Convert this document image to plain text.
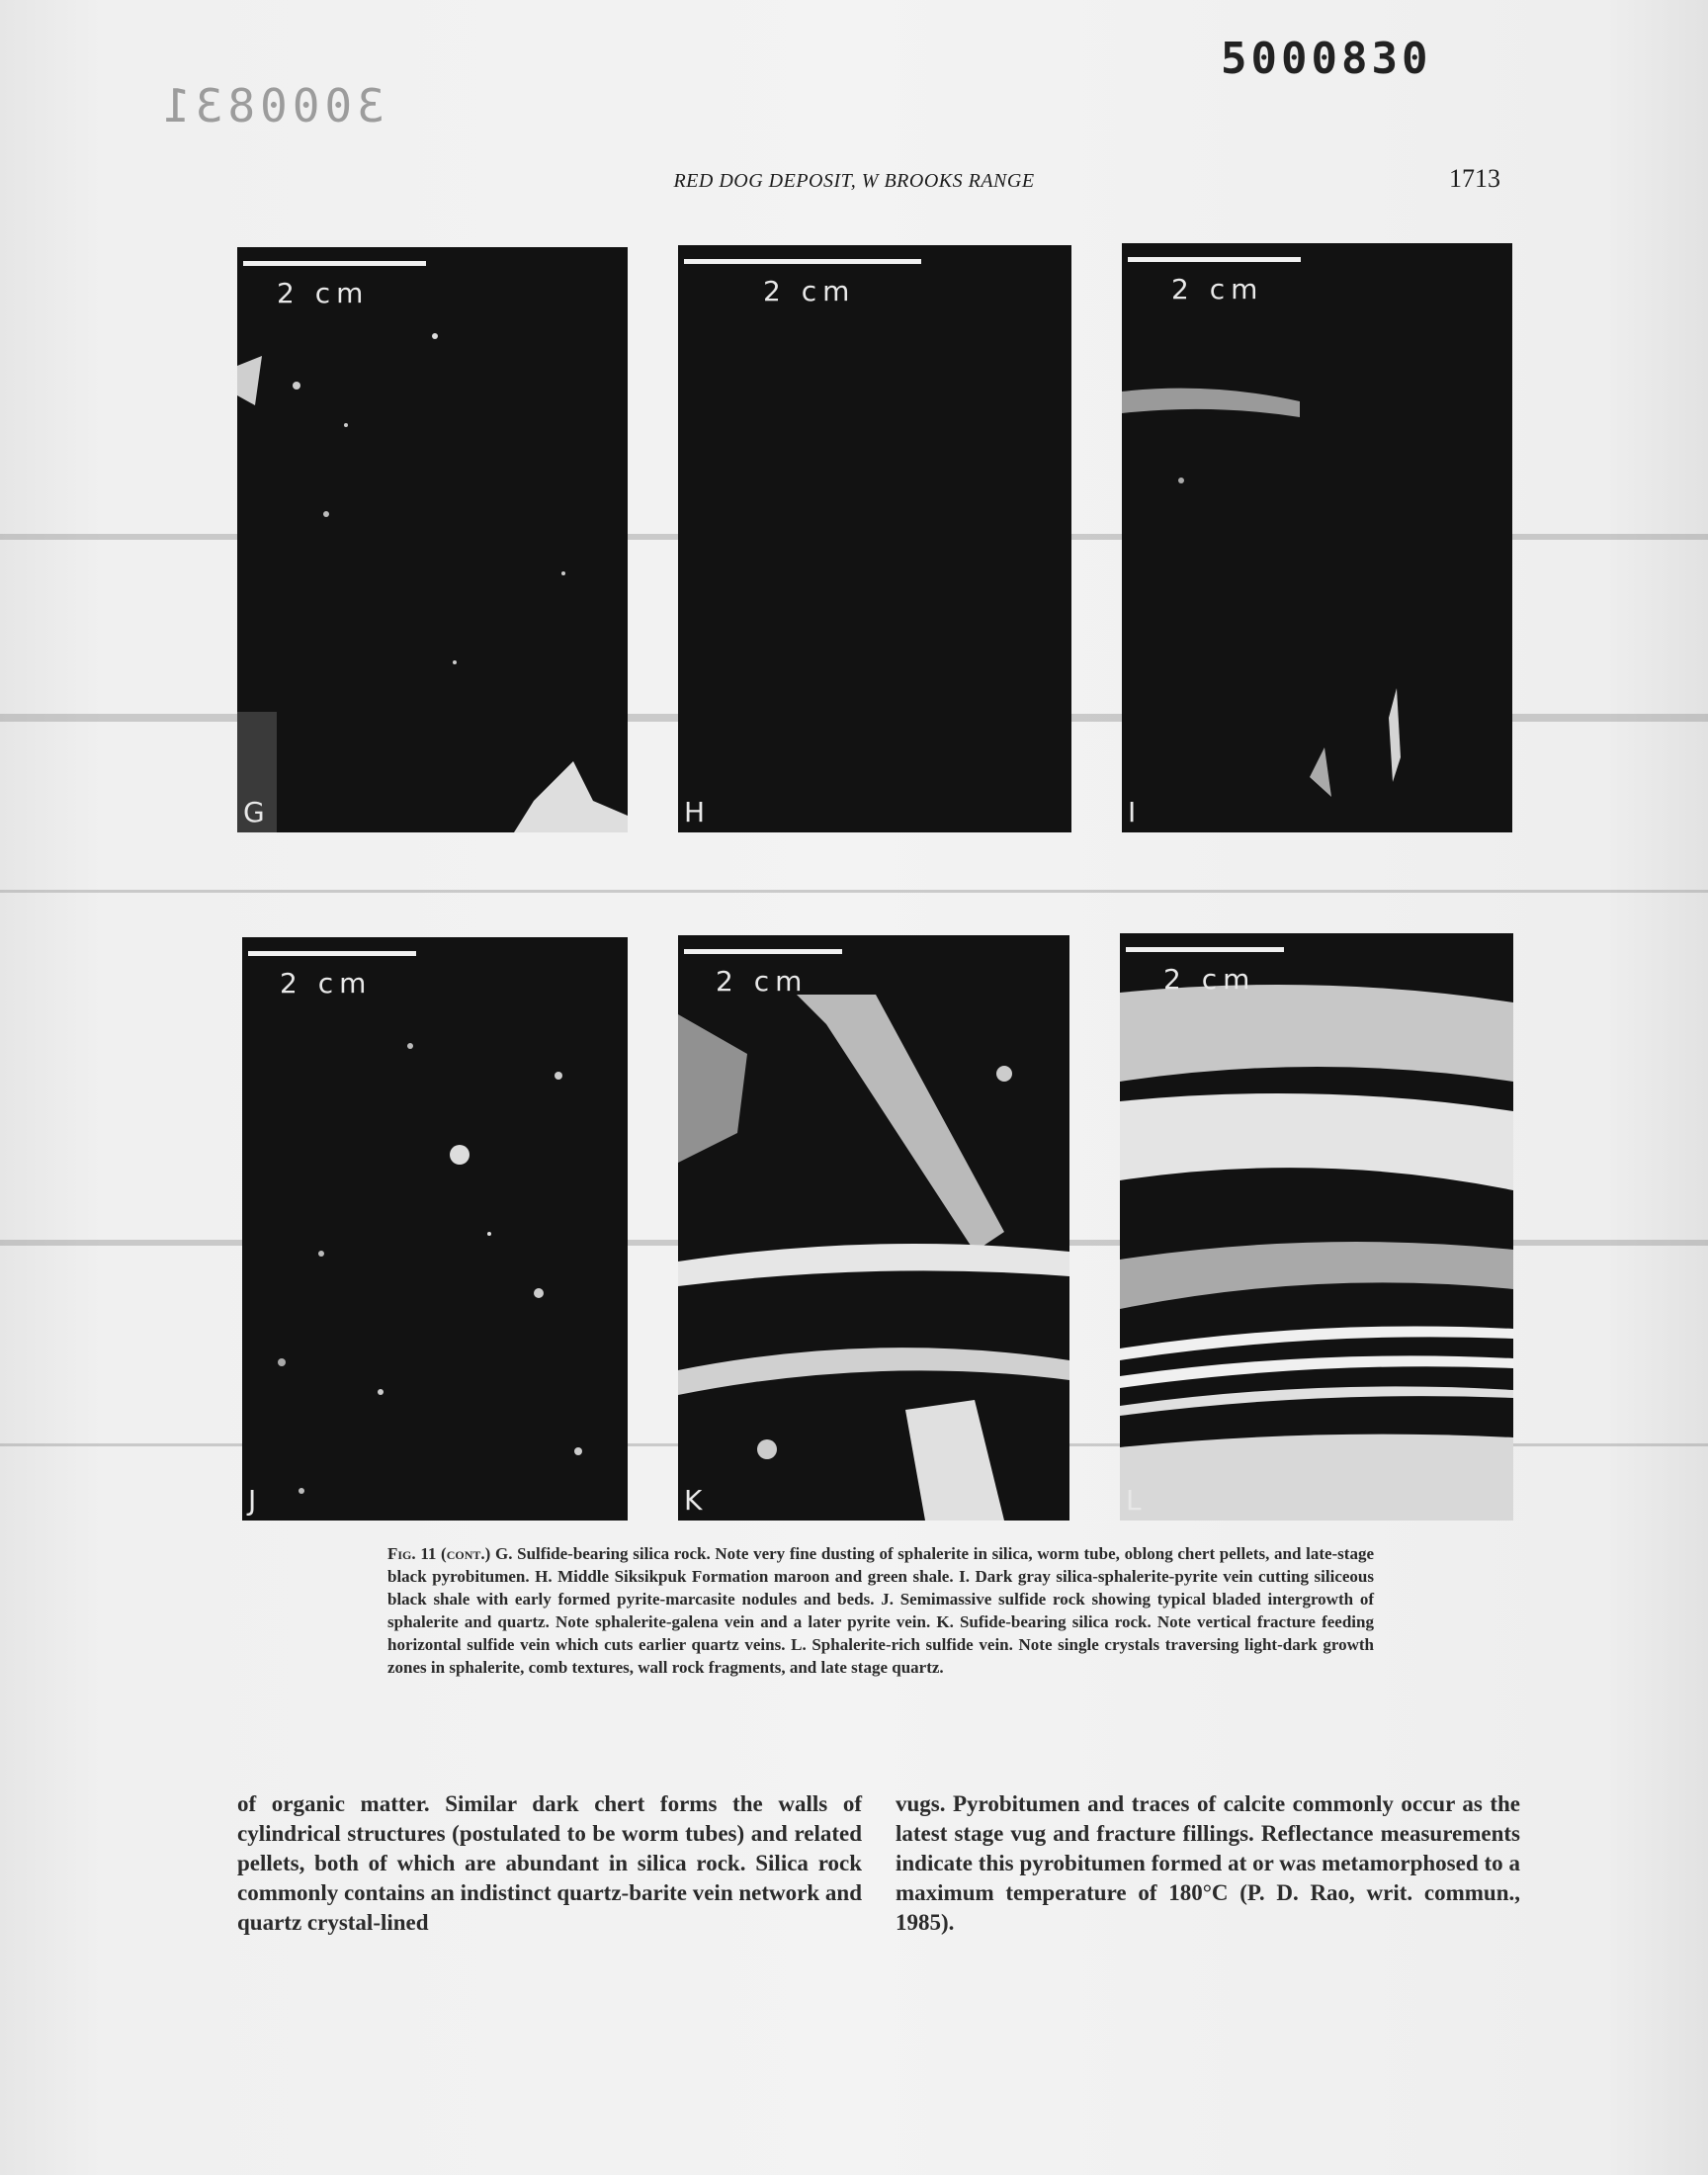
5000830
3000831
RED DOG DEPOSIT, W BROOKS RANGE	1713
2 cm
G
2 cm
H
2 cm
I
2 cm
J
2 cm
K
2 cm
L
Fig. 11 (cont.) G. Sulfide-bearing silica rock. Note very fine dusting of sphalerite in silica, worm tube, oblong chert pellets, and late-stage black pyrobitumen. H. Middle Siksikpuk Formation maroon and green shale. I. Dark gray silica-sphalerite-pyrite vein cutting siliceous black shale with early formed pyrite-marcasite nodules and beds. J. Semimassive sulfide rock showing typical bladed intergrowth of sphalerite and quartz. Note sphalerite-galena vein and a later pyrite vein. K. Sufide-bearing silica rock. Note vertical fracture feeding horizontal sulfide vein which cuts earlier quartz veins. L. Sphalerite-rich sulfide vein. Note single crystals traversing light-dark growth zones in sphalerite, comb textures, wall rock fragments, and late stage quartz.
of organic matter. Similar dark chert forms the walls of cylindrical structures (postulated to be worm tubes) and related pellets, both of which are abundant in silica rock. Silica rock commonly contains an indistinct quartz-barite vein network and quartz crystal-lined
vugs. Pyrobitumen and traces of calcite commonly occur as the latest stage vug and fracture fillings. Reflectance measurements indicate this pyrobitumen formed at or was metamorphosed to a maximum temperature of 180°C (P. D. Rao, writ. commun., 1985).
